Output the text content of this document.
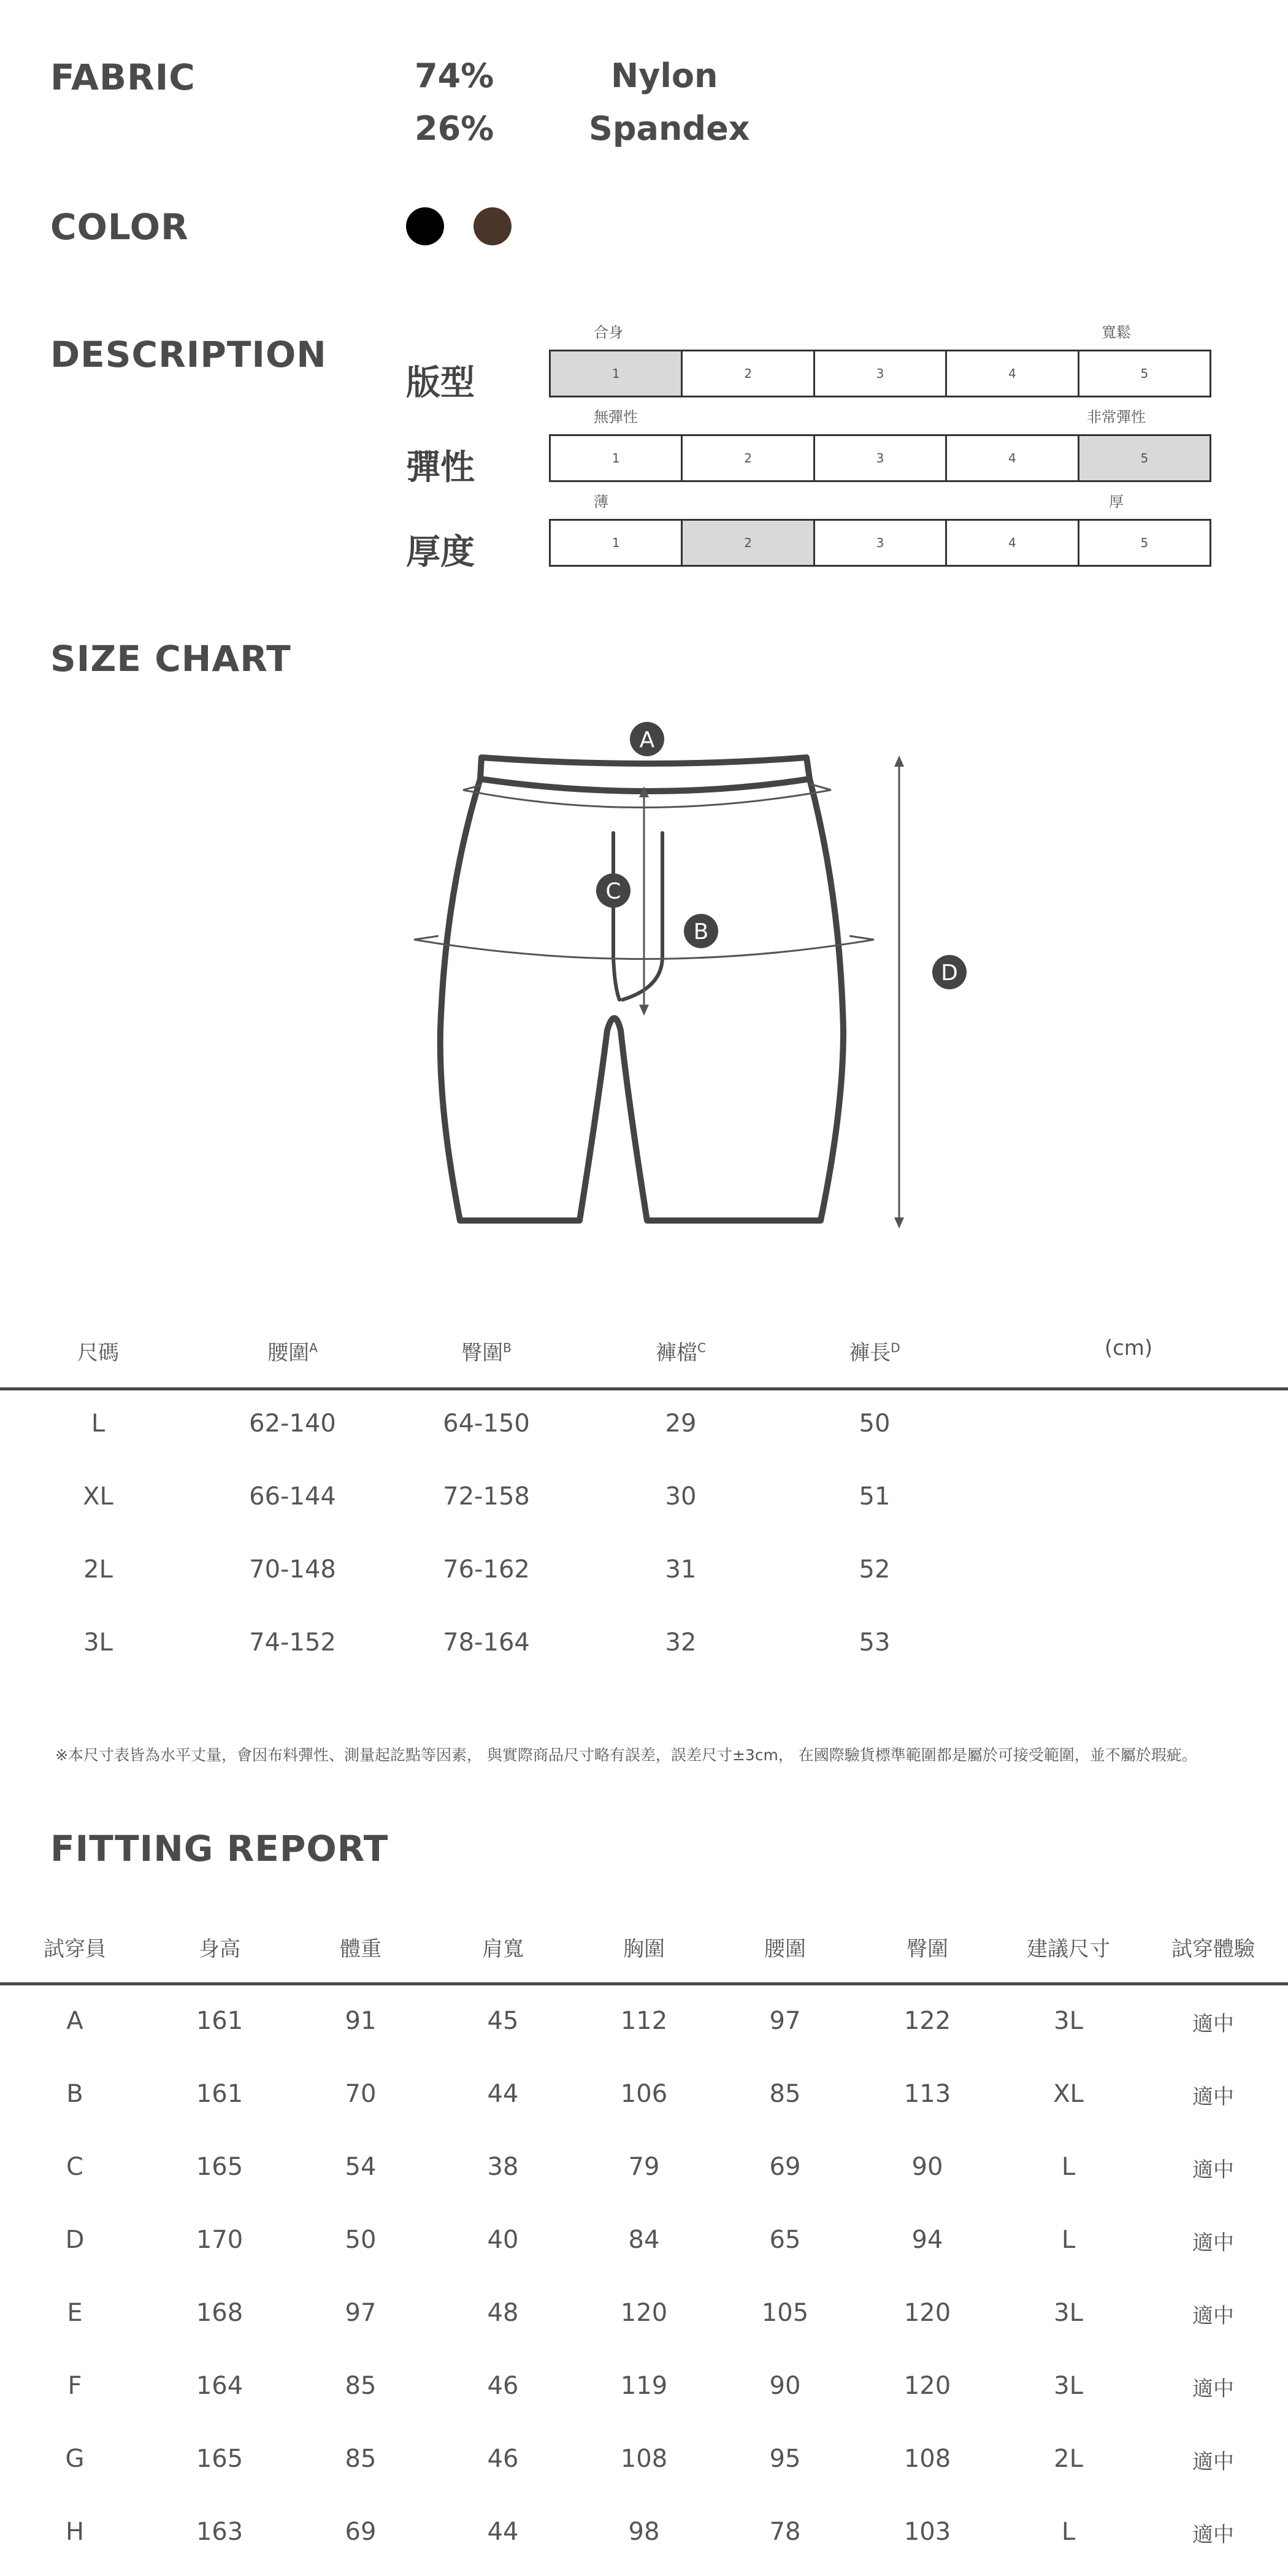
FABRIC	74%	Nylon
26%	Spandex
COLOR
DESCRIPTION
版型
合身	寬鬆
1	2	3	4	5
彈性
無彈性	非常彈性
1	2	3	4	5
厚度
薄	厚
1	2	3	4	5
SIZE CHART
A
B
C
D
尺碼	腰圍$^A$	臀圍$^B$	褲檔$^C$	褲長$^D$	(cm)
L	62-140	64-150	29	50
XL	66-144	72-158	30	51
2L	70-148	76-162	31	52
3L	74-152	78-164	32	53
※本尺寸表皆為水平丈量，會因布料彈性、測量起訖點等因素， 與實際商品尺寸略有誤差，誤差尺寸±3cm， 在國際驗貨標準範圍都是屬於可接受範圍，並不屬於瑕疵。
FITTING REPORT
試穿員	身高	體重	肩寬	胸圍	腰圍	臀圍	建議尺寸	試穿體驗
A	161	91	45	112	97	122	3L	適中
B	161	70	44	106	85	113	XL	適中
C	165	54	38	79	69	90	L	適中
D	170	50	40	84	65	94	L	適中
E	168	97	48	120	105	120	3L	適中
F	164	85	46	119	90	120	3L	適中
G	165	85	46	108	95	108	2L	適中
H	163	69	44	98	78	103	L	適中
